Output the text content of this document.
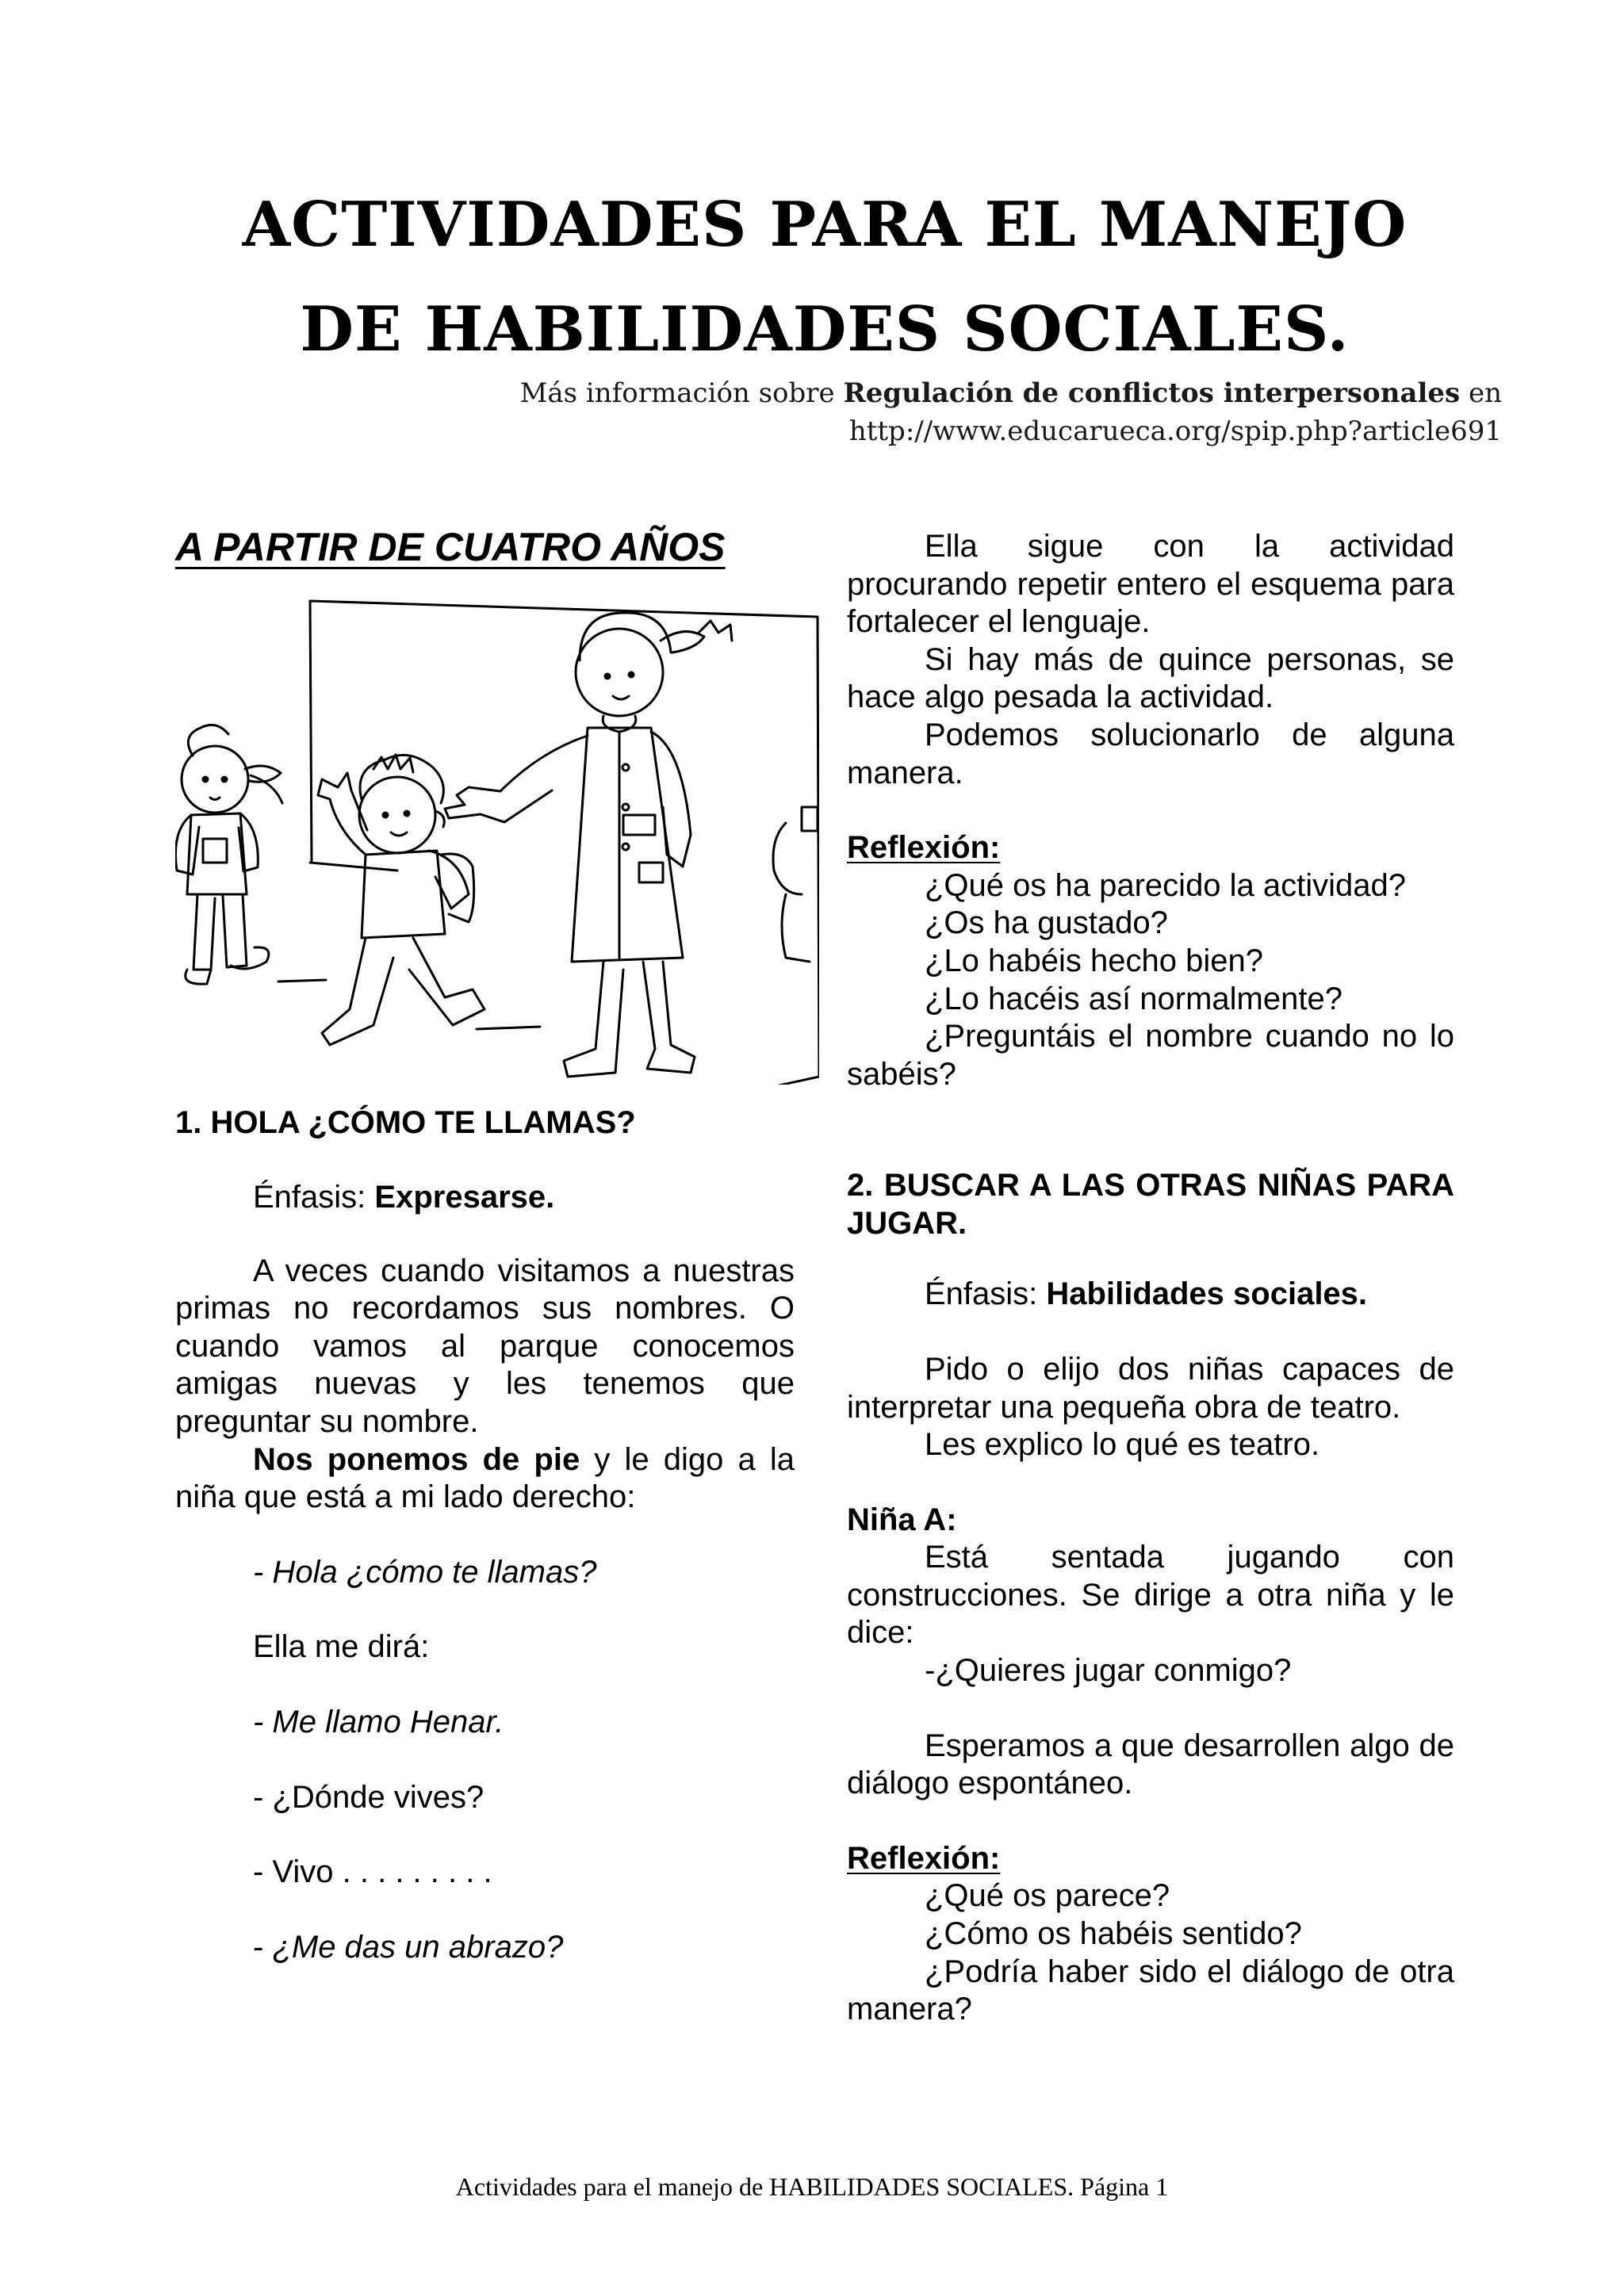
ACTIVIDADES PARA EL MANEJO
DE HABILIDADES SOCIALES.
Más información sobre Regulación de conflictos interpersonales en
http://www.educarueca.org/spip.php?article691

A PARTIR DE CUATRO AÑOS

1. HOLA ¿CÓMO TE LLAMAS?

Énfasis: Expresarse.

A veces cuando visitamos a nuestras primas no recordamos sus nombres. O cuando vamos al parque conocemos amigas nuevas y les tenemos que preguntar su nombre.

Nos ponemos de pie y le digo a la niña que está a mi lado derecho:

- Hola ¿cómo te llamas?

Ella me dirá:

- Me llamo Henar.

- ¿Dónde vives?

- Vivo . . . . . . . . .

- ¿Me das un abrazo?

Ella sigue con la actividad procurando repetir entero el esquema para fortalecer el lenguaje.

Si hay más de quince personas, se hace algo pesada la actividad.

Podemos solucionarlo de alguna manera.

Reflexión:

¿Qué os ha parecido la actividad?

¿Os ha gustado?

¿Lo habéis hecho bien?

¿Lo hacéis así normalmente?

¿Preguntáis el nombre cuando no lo sabéis?

2. BUSCAR A LAS OTRAS NIÑAS PARA JUGAR.

Énfasis: Habilidades sociales.

Pido o elijo dos niñas capaces de interpretar una pequeña obra de teatro.

Les explico lo qué es teatro.

Niña A:

Está sentada jugando con construcciones. Se dirige a otra niña y le dice:

-¿Quieres jugar conmigo?

Esperamos a que desarrollen algo de diálogo espontáneo.

Reflexión:

¿Qué os parece?

¿Cómo os habéis sentido?

¿Podría haber sido el diálogo de otra manera?

Actividades para el manejo de HABILIDADES SOCIALES. Página 1
